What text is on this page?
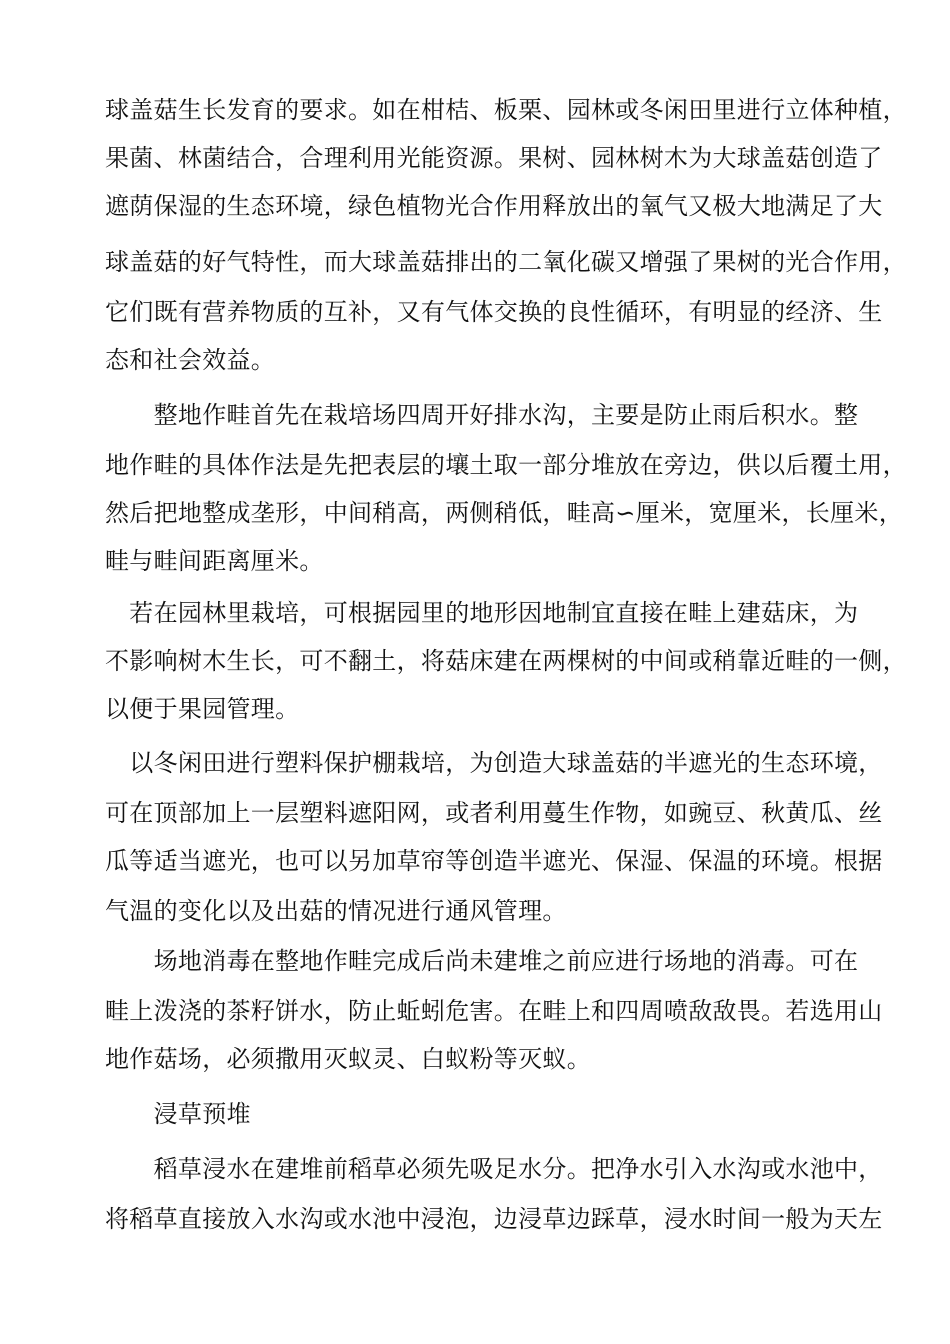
球盖菇生长发育的要求。如在柑桔、板栗、园林或冬闲田里进行立体种植，
果菌、林菌结合，合理利用光能资源。果树、园林树木为大球盖菇创造了
遮荫保湿的生态环境，绿色植物光合作用释放出的氧气又极大地满足了大
球盖菇的好气特性，而大球盖菇排出的二氧化碳又增强了果树的光合作用，
它们既有营养物质的互补，又有气体交换的良性循环，有明显的经济、生
态和社会效益。
　　整地作畦首先在栽培场四周开好排水沟，主要是防止雨后积水。整
地作畦的具体作法是先把表层的壤土取一部分堆放在旁边，供以后覆土用，
然后把地整成垄形，中间稍高，两侧稍低，畦高∽厘米，宽厘米，长厘米，
畦与畦间距离厘米。
　若在园林里栽培，可根据园里的地形因地制宜直接在畦上建菇床，为
不影响树木生长，可不翻土，将菇床建在两棵树的中间或稍靠近畦的一侧，
以便于果园管理。
　以冬闲田进行塑料保护棚栽培，为创造大球盖菇的半遮光的生态环境，
可在顶部加上一层塑料遮阳网，或者利用蔓生作物，如豌豆、秋黄瓜、丝
瓜等适当遮光，也可以另加草帘等创造半遮光、保湿、保温的环境。根据
气温的变化以及出菇的情况进行通风管理。
　　场地消毒在整地作畦完成后尚未建堆之前应进行场地的消毒。可在
畦上泼浇的茶籽饼水，防止蚯蚓危害。在畦上和四周喷敌敌畏。若选用山
地作菇场，必须撒用灭蚁灵、白蚁粉等灭蚁。
　　浸草预堆
　　稻草浸水在建堆前稻草必须先吸足水分。把净水引入水沟或水池中，
将稻草直接放入水沟或水池中浸泡，边浸草边踩草，浸水时间一般为天左
